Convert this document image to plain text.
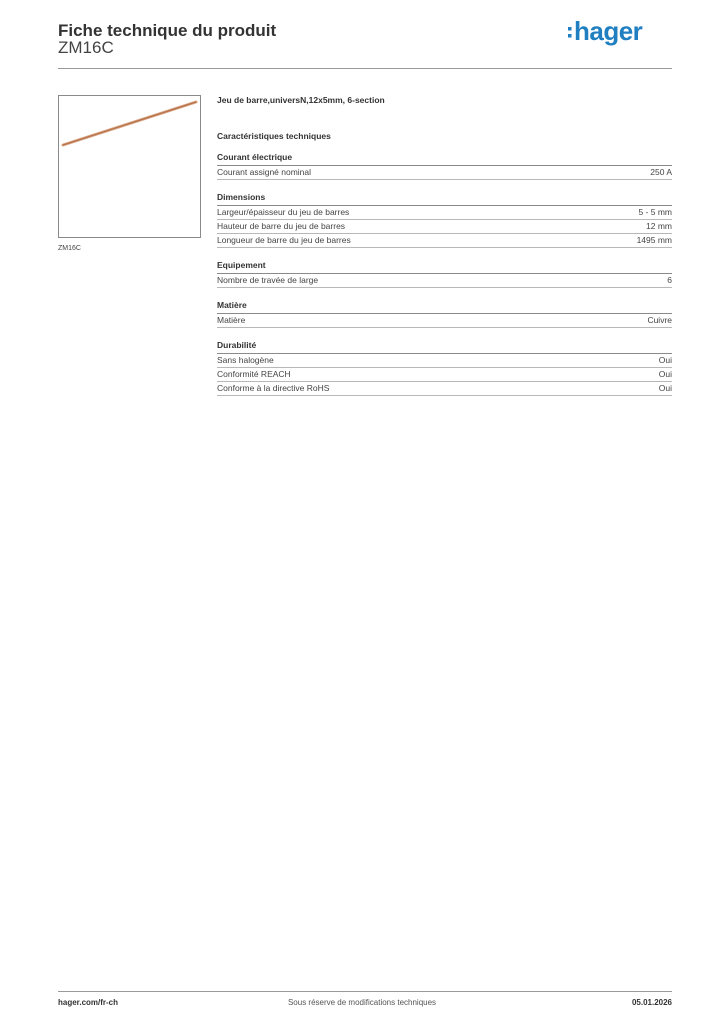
Fiche technique du produit
ZM16C
hager
ZM16C

Jeu de barre,universN,12x5mm, 6-section

Caractéristiques techniques

Courant électrique
Courant assigné nominal	250 A
Dimensions
Largeur/épaisseur du jeu de barres	5 - 5 mm
Hauteur de barre du jeu de barres	12 mm
Longueur de barre du jeu de barres	1495 mm
Equipement
Nombre de travée de large	6
Matière
Matière	Cuivre
Durabilité
Sans halogène	Oui
Conformité REACH	Oui
Conforme à la directive RoHS	Oui
Sous réserve de modifications techniques
hager.com/fr-ch	05.01.2026
